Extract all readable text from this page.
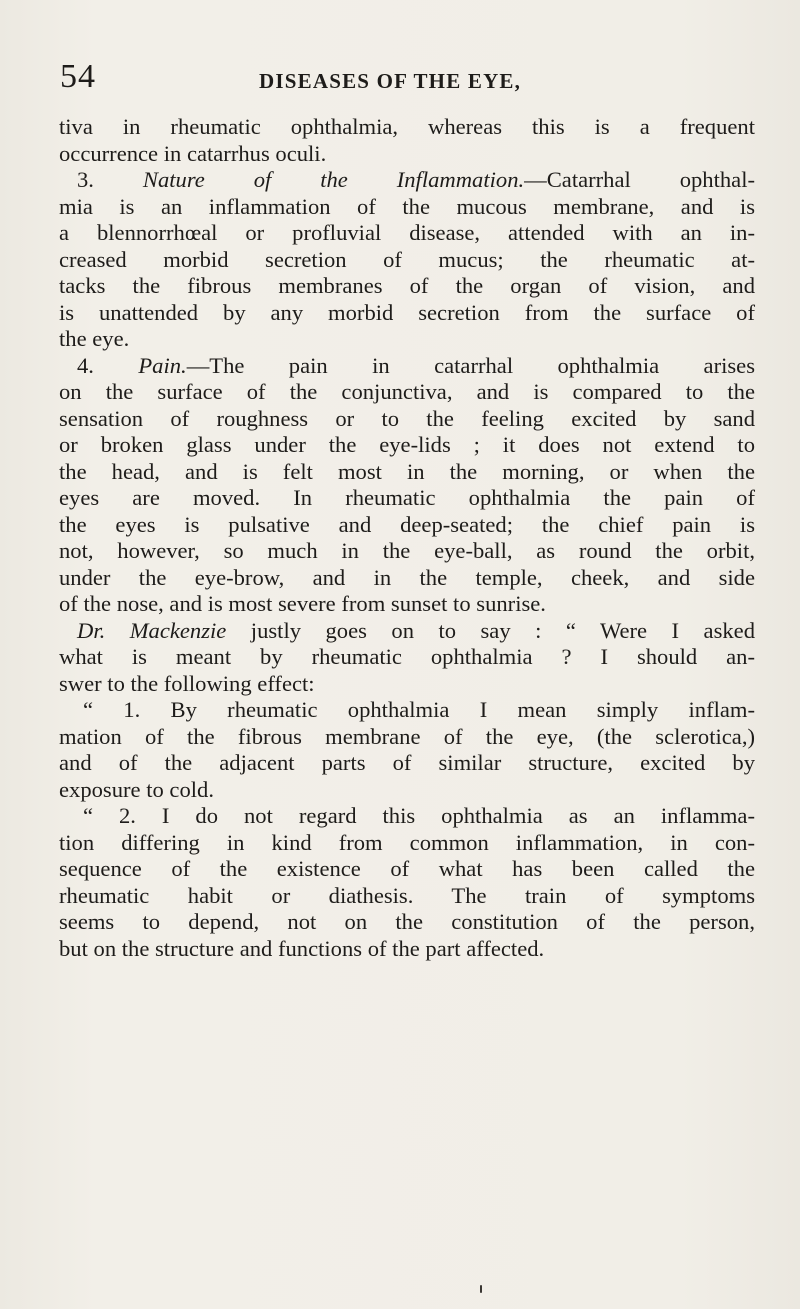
54	DISEASES OF THE EYE,
tiva in rheumatic ophthalmia, whereas this is a frequent
occurrence in catarrhus oculi.
3. Nature of the Inflammation.—Catarrhal ophthal-
mia is an inflammation of the mucous membrane, and is
a blennorrhœal or profluvial disease, attended with an in-
creased morbid secretion of mucus; the rheumatic at-
tacks the fibrous membranes of the organ of vision, and
is unattended by any morbid secretion from the surface of
the eye.
4. Pain.—The pain in catarrhal ophthalmia arises
on the surface of the conjunctiva, and is compared to the
sensation of roughness or to the feeling excited by sand
or broken glass under the eye-lids ; it does not extend to
the head, and is felt most in the morning, or when the
eyes are moved. In rheumatic ophthalmia the pain of
the eyes is pulsative and deep-seated; the chief pain is
not, however, so much in the eye-ball, as round the orbit,
under the eye-brow, and in the temple, cheek, and side
of the nose, and is most severe from sunset to sunrise.
Dr. Mackenzie justly goes on to say : “ Were I asked
what is meant by rheumatic ophthalmia ? I should an-
swer to the following effect:
“ 1. By rheumatic ophthalmia I mean simply inflam-
mation of the fibrous membrane of the eye, (the sclerotica,)
and of the adjacent parts of similar structure, excited by
exposure to cold.
“ 2. I do not regard this ophthalmia as an inflamma-
tion differing in kind from common inflammation, in con-
sequence of the existence of what has been called the
rheumatic habit or diathesis. The train of symptoms
seems to depend, not on the constitution of the person,
but on the structure and functions of the part affected.
